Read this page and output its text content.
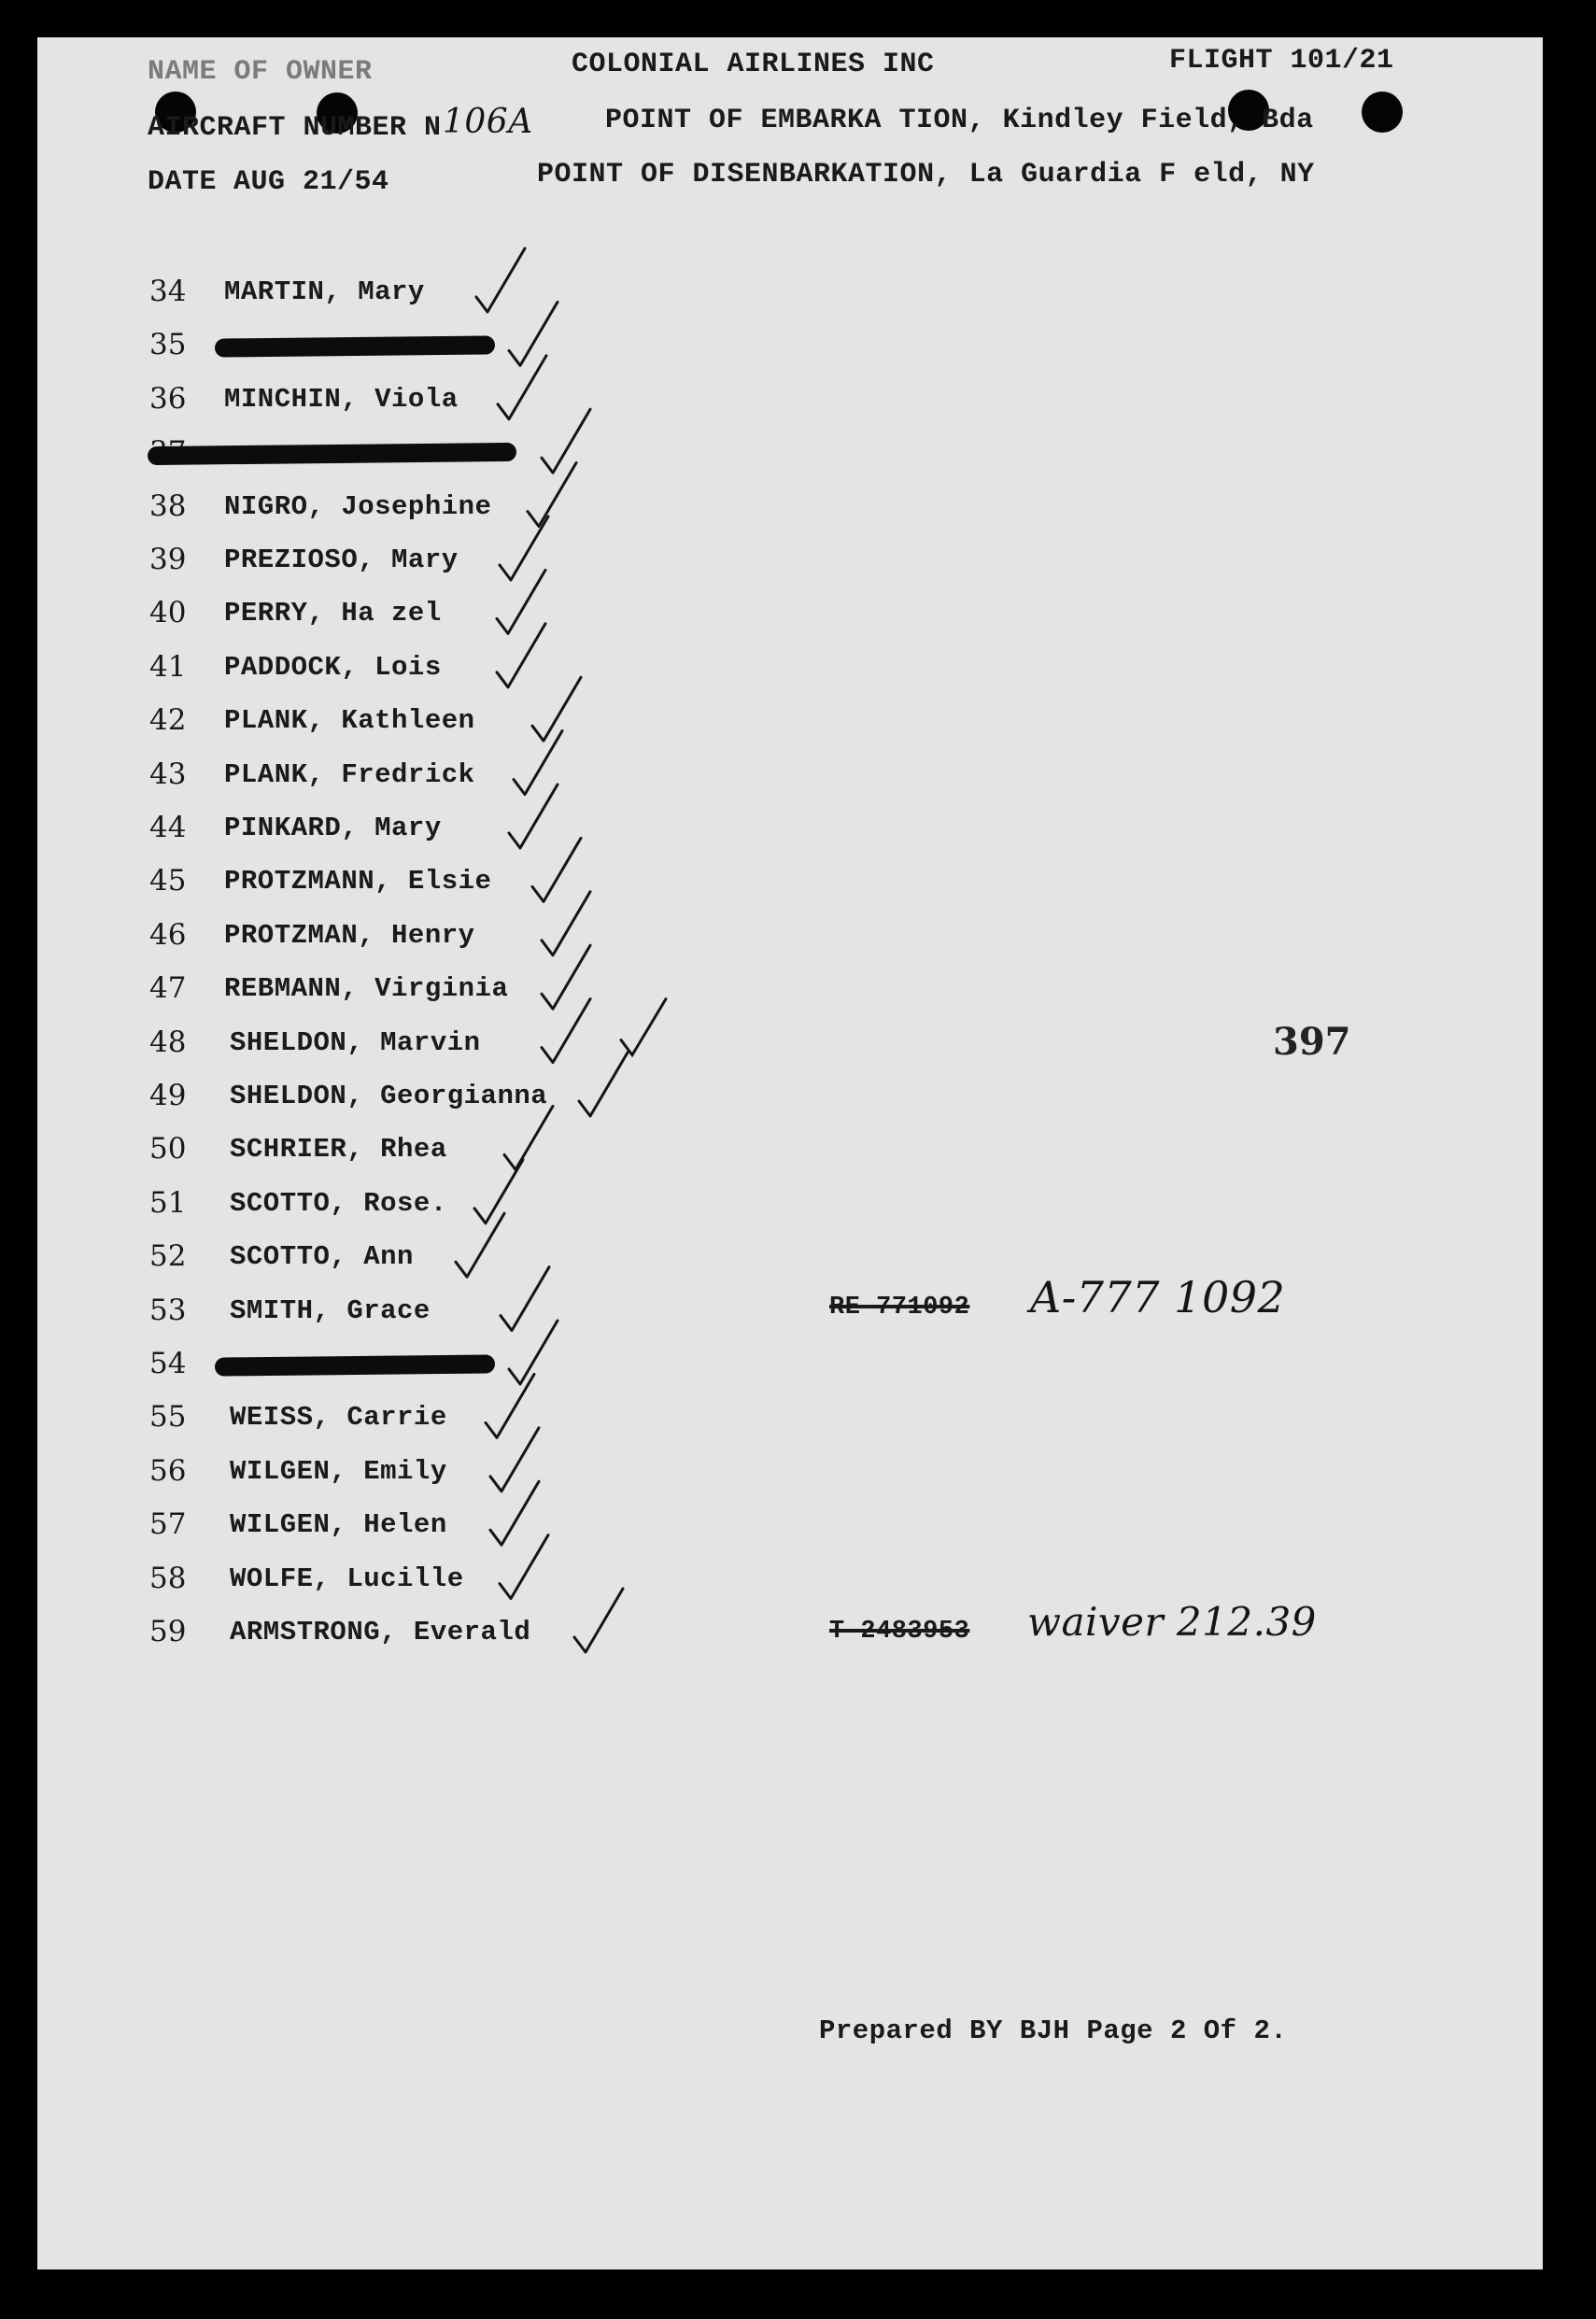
NAME OF OWNER	COLONIAL AIRLINES INC	FLIGHT 101/21
AIRCRAFT NUMBER N 106A	POINT OF EMBARKA TION, Kindley Field, Bda
DATE AUG 21/54	POINT OF DISENBARKATION, La Guardia F eld, NY
34	MARTIN, Mary
35
36	MINCHIN, Viola
38	NIGRO, Josephine
39	PREZIOSO, Mary
40	PERRY, Ha zel
41	PADDOCK, Lois
42	PLANK, Kathleen
43	PLANK, Fredrick
44	PINKARD, Mary
45	PROTZMANN, Elsie
46	PROTZMAN, Henry
47	REBMANN, Virginia
48	SHELDON, Marvin
49	SHELDON, Georgianna
50	SCHRIER, Rhea
51	SCOTTO, Rose.
52	SCOTTO, Ann
53	SMITH, Grace
54
55	WEISS, Carrie
56	WILGEN, Emily
57	WILGEN, Helen
58	WOLFE, Lucille
59	ARMSTRONG, Everald
397
RE 771092 A-777 1092
T-2483953 waiver 212.39
Prepared BY BJH Page 2 Of 2.
